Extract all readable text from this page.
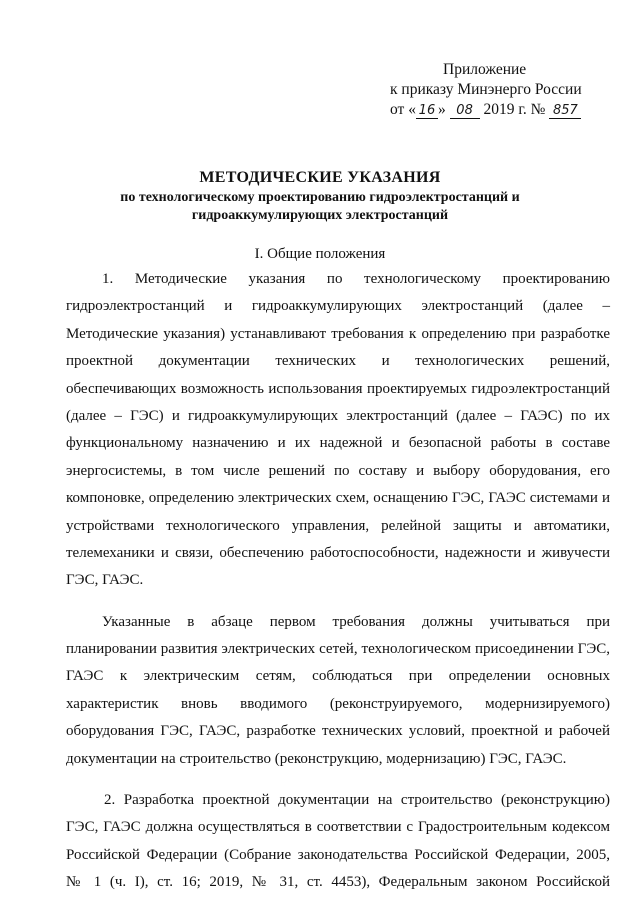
Приложение
к приказу Минэнерго России
от « 16 » 08 2019 г. № 857
МЕТОДИЧЕСКИЕ УКАЗАНИЯ
по технологическому проектированию гидроэлектростанций и
гидроаккумулирующих электростанций
I. Общие положения
1. Методические указания по технологическому проектированию
гидроэлектростанций и гидроаккумулирующих электростанций (далее –
Методические указания) устанавливают требования к определению при разработке
проектной документации технических и технологических решений,
обеспечивающих возможность использования проектируемых гидроэлектростанций
(далее – ГЭС) и гидроаккумулирующих электростанций (далее – ГАЭС) по их
функциональному назначению и их надежной и безопасной работы в составе
энергосистемы, в том числе решений по составу и выбору оборудования, его
компоновке, определению электрических схем, оснащению ГЭС, ГАЭС системами и
устройствами технологического управления, релейной защиты и автоматики,
телемеханики и связи, обеспечению работоспособности, надежности и живучести
ГЭС, ГАЭС.
Указанные в абзаце первом требования должны учитываться при
планировании развития электрических сетей, технологическом присоединении ГЭС,
ГАЭС к электрическим сетям, соблюдаться при определении основных
характеристик вновь вводимого (реконструируемого, модернизируемого)
оборудования ГЭС, ГАЭС, разработке технических условий, проектной и рабочей
документации на строительство (реконструкцию, модернизацию) ГЭС, ГАЭС.
2. Разработка проектной документации на строительство (реконструкцию)
ГЭС, ГАЭС должна осуществляться в соответствии с Градостроительным кодексом
Российской Федерации (Собрание законодательства Российской Федерации, 2005,
№ 1 (ч. I), ст. 16; 2019, № 31, ст. 4453), Федеральным законом Российской
